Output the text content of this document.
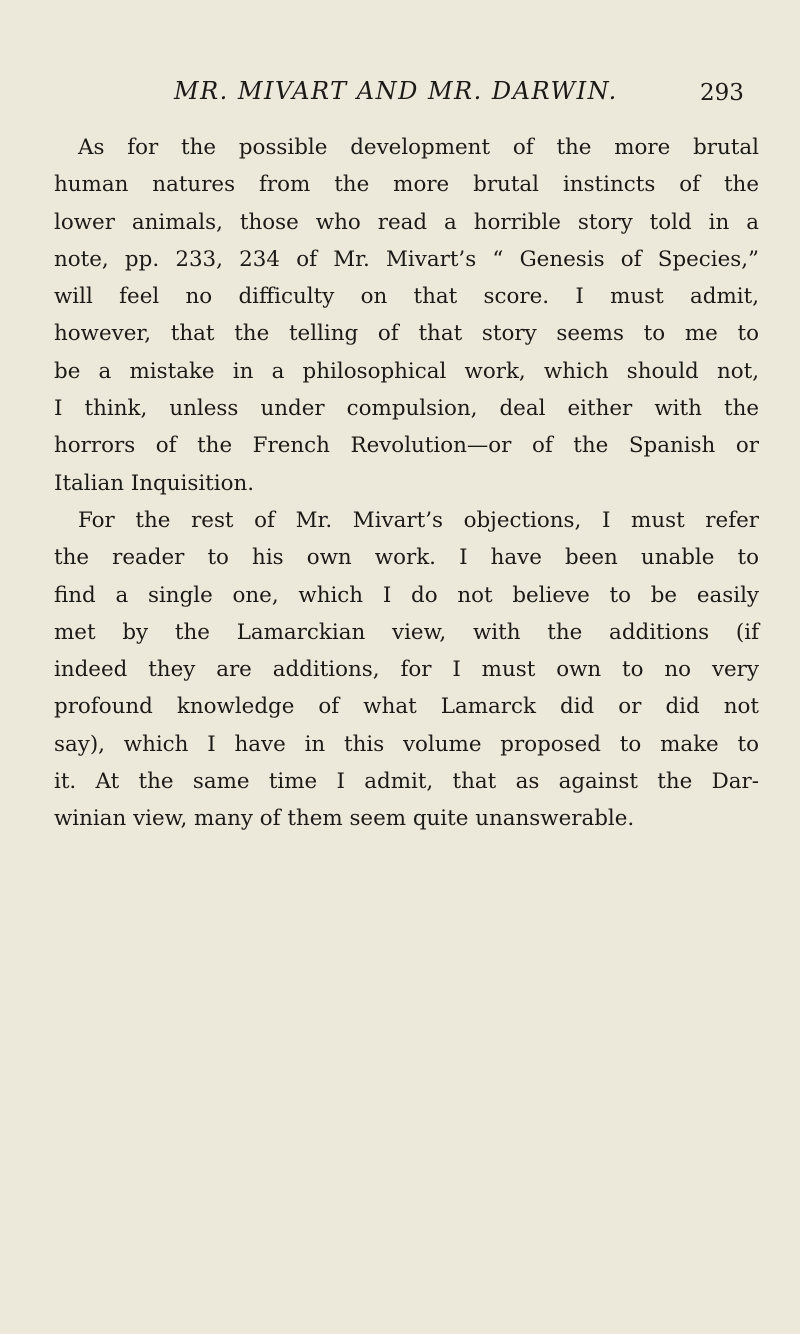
MR. MIVART AND MR. DARWIN.	293
As for the possible development of the more brutal
human natures from the more brutal instincts of the
lower animals, those who read a horrible story told in a
note, pp. 233, 234 of Mr. Mivart’s “ Genesis of Species,”
will feel no difficulty on that score. I must admit,
however, that the telling of that story seems to me to
be a mistake in a philosophical work, which should not,
I think, unless under compulsion, deal either with the
horrors of the French Revolution—or of the Spanish or
Italian Inquisition.
For the rest of Mr. Mivart’s objections, I must refer
the reader to his own work. I have been unable to
find a single one, which I do not believe to be easily
met by the Lamarckian view, with the additions (if
indeed they are additions, for I must own to no very
profound knowledge of what Lamarck did or did not
say), which I have in this volume proposed to make to
it. At the same time I admit, that as against the Dar-
winian view, many of them seem quite unanswerable.
